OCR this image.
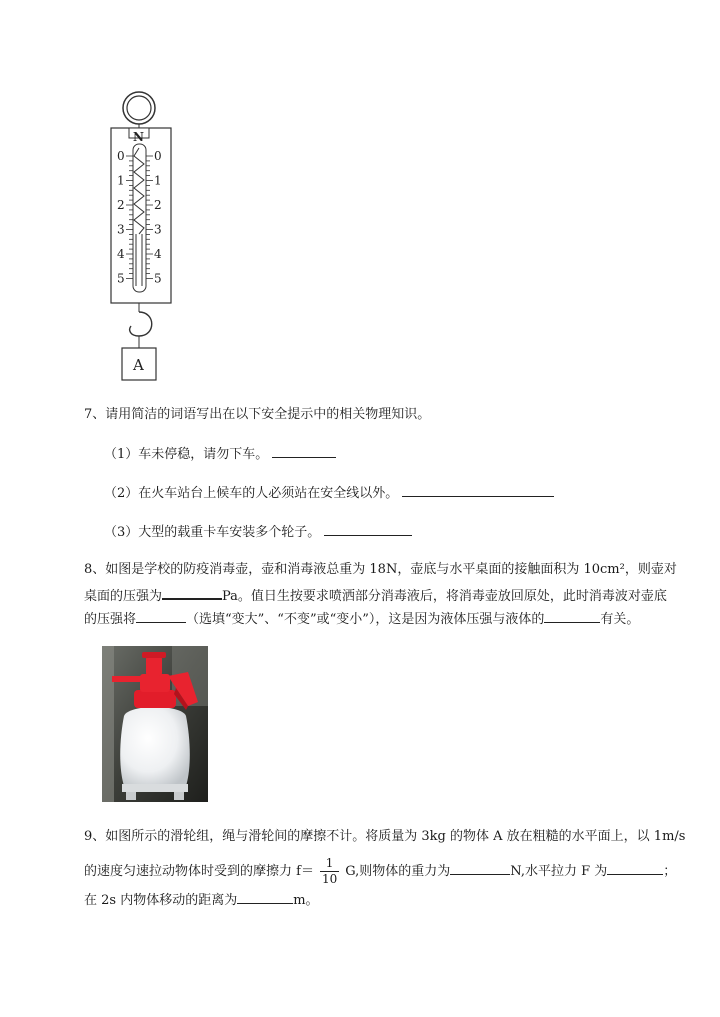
N
0 0
1 1
2 2
3 3
4 4
5 5
A
7、请用简洁的词语写出在以下安全提示中的相关物理知识。
（1）车未停稳，请勿下车。
（2）在火车站台上候车的人必须站在安全线以外。
（3）大型的载重卡车安装多个轮子。
8、如图是学校的防疫消毒壶，壶和消毒液总重为 18N，壶底与水平桌面的接触面积为 10cm²，则壶对
桌面的压强为	Pa。值日生按要求喷洒部分消毒液后，将消毒壶放回原处，此时消毒波对壶底
的压强将	（选填“变大”、“不变”或“变小”），这是因为液体压强与液体的	有关。
9、如图所示的滑轮组，绳与滑轮间的摩擦不计。将质量为 3kg 的物体 A 放在粗糙的水平面上，以 1m/s
的速度匀速拉动物体时受到的摩擦力 $f= \frac{1}{10} G$,则物体的重力为	N,水平拉力 F 为	；
在 2s 内物体移动的距离为	m。
